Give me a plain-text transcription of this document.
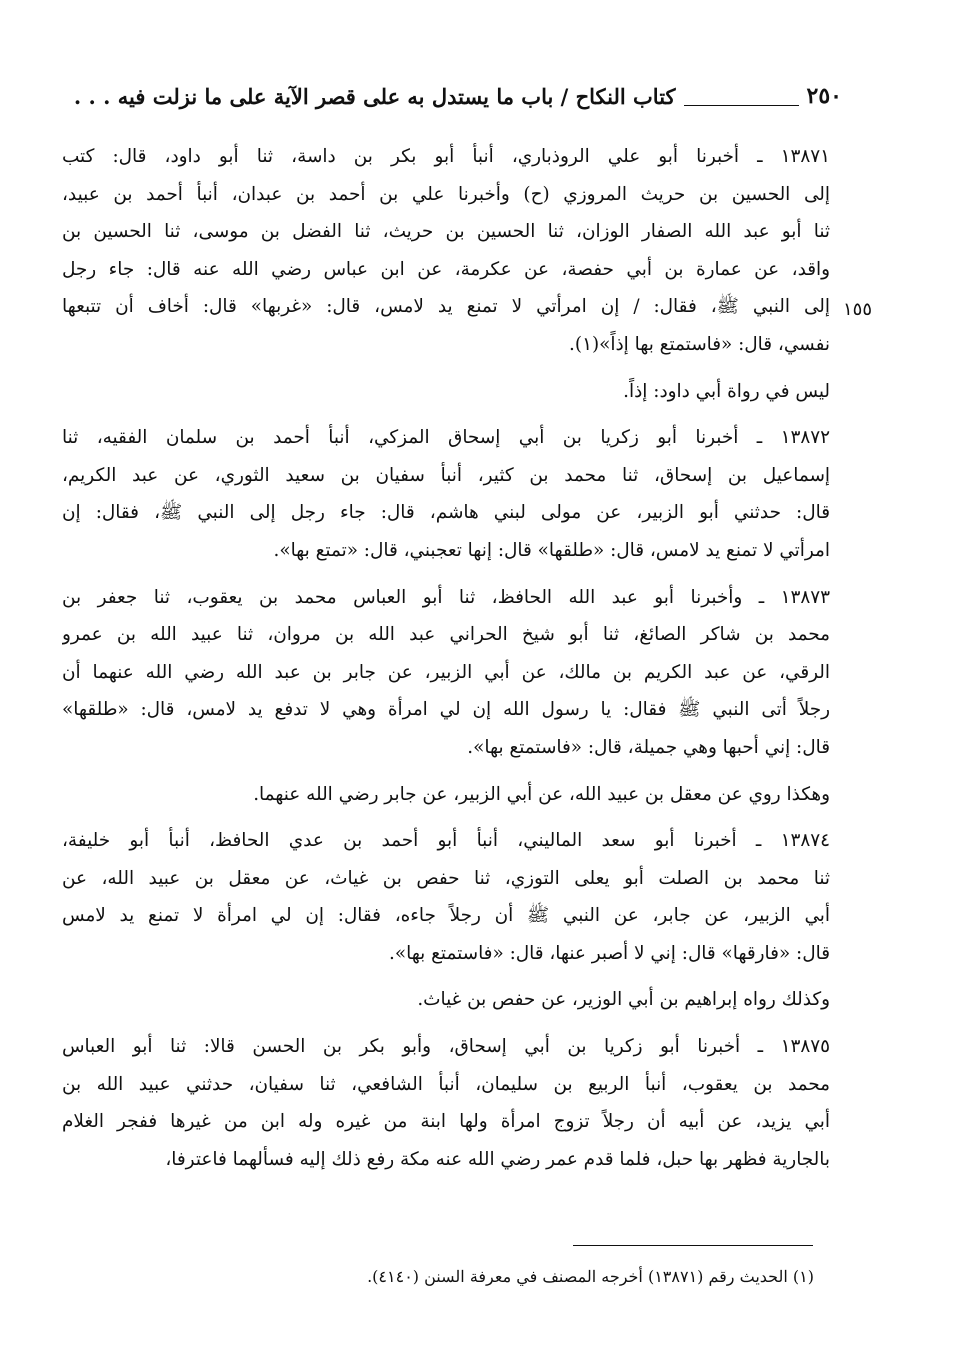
٢٥٠
كتاب النكاح / باب ما يستدل به على قصر الآية على ما نزلت فيه . . .
١٥٥
١٣٨٧١ ـ أخبرنا أبو علي الروذباري، أنبأ أبو بكر بن داسة، ثنا أبو داود، قال: كتب
إلى الحسين بن حريث المروزي (ح) وأخبرنا علي بن أحمد بن عبدان، أنبأ أحمد بن عبيد،
ثنا أبو عبد الله الصفار الوزان، ثنا الحسين بن حريث، ثنا الفضل بن موسى، ثنا الحسين بن
واقد، عن عمارة بن أبي حفصة، عن عكرمة، عن ابن عباس رضي الله عنه قال: جاء رجل
إلى النبي ﷺ، فقال: / إن امرأتي لا تمنع يد لامس، قال: «غربها» قال: أخاف أن تتبعها
نفسي، قال: «فاستمتع بها إذاً»(١).
ليس في رواة أبي داود: إذاً.
١٣٨٧٢ ـ أخبرنا أبو زكريا بن أبي إسحاق المزكي، أنبأ أحمد بن سلمان الفقيه، ثنا
إسماعيل بن إسحاق، ثنا محمد بن كثير، أنبأ سفيان بن سعيد الثوري، عن عبد الكريم،
قال: حدثني أبو الزبير، عن مولى لبني هاشم، قال: جاء رجل إلى النبي ﷺ، فقال: إن
امرأتي لا تمنع يد لامس، قال: «طلقها» قال: إنها تعجبني، قال: «تمتع بها».
١٣٨٧٣ ـ وأخبرنا أبو عبد الله الحافظ، ثنا أبو العباس محمد بن يعقوب، ثنا جعفر بن
محمد بن شاكر الصائغ، ثنا أبو شيخ الحراني عبد الله بن مروان، ثنا عبيد الله بن عمرو
الرقي، عن عبد الكريم بن مالك، عن أبي الزبير، عن جابر بن عبد الله رضي الله عنهما أن
رجلاً أتى النبي ﷺ فقال: يا رسول الله إن لي امرأة وهي لا تدفع يد لامس، قال: «طلقها»
قال: إني أحبها وهي جميلة، قال: «فاستمتع بها».
وهكذا روي عن معقل بن عبيد الله، عن أبي الزبير، عن جابر رضي الله عنهما.
١٣٨٧٤ ـ أخبرنا أبو سعد الماليني، أنبأ أبو أحمد بن عدي الحافظ، أنبأ أبو خليفة،
ثنا محمد بن الصلت أبو يعلى التوزي، ثنا حفص بن غياث، عن معقل بن عبيد الله، عن
أبي الزبير، عن جابر، عن النبي ﷺ أن رجلاً جاءه، فقال: إن لي امرأة لا تمنع يد لامس
قال: «فارقها» قال: إني لا أصبر عنها، قال: «فاستمتع بها».
وكذلك رواه إبراهيم بن أبي الوزير، عن حفص بن غياث.
١٣٨٧٥ ـ أخبرنا أبو زكريا بن أبي إسحاق، وأبو بكر بن الحسن قالا: ثنا أبو العباس
محمد بن يعقوب، أنبأ الربيع بن سليمان، أنبأ الشافعي، ثنا سفيان، حدثني عبيد الله بن
أبي يزيد، عن أبيه أن رجلاً تزوج امرأة ولها ابنة من غيره وله ابن من غيرها ففجر الغلام
بالجارية فظهر بها حبل، فلما قدم عمر رضي الله عنه مكة رفع ذلك إليه فسألهما فاعترفا،
(١) الحديث رقم (١٣٨٧١) أخرجه المصنف في معرفة السنن (٤١٤٠).
